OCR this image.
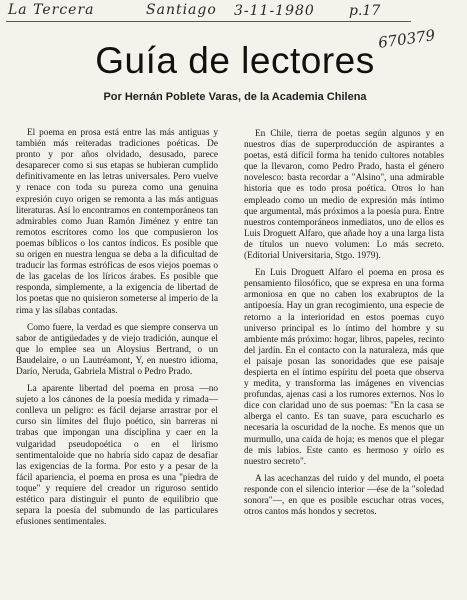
La Tercera	Santiago 3-11-1980 p.17
670379
Guía de lectores
Por Hernán Poblete Varas, de la Academia Chilena

El poema en prosa está entre las más antiguas y también más reiteradas tradiciones poéticas. De pronto y por años olvidado, desusado, parece desaparecer como si sus etapas se hubieran cumplido definitivamente en las letras universales. Pero vuelve y renace con toda su pureza como una genuina expresión cuyo origen se remonta a las más antiguas literaturas. Así lo encontramos en contemporáneos tan admirables como Juan Ramón Jiménez y entre tan remotos escritores como los que compusieron los poemas bíblicos o los cantos índicos. Es posible que su origen en nuestra lengua se deba a la dificultad de traducir las formas estróficas de esos viejos poemas o de las gacelas de los líricos árabes. Es posible que responda, simplemente, a la exigencia de libertad de los poetas que no quisieron someterse al imperio de la rima y las sílabas contadas.

Como fuere, la verdad es que siempre conserva un sabor de antigüedades y de viejo tradición, aunque el que lo emplee sea un Aloysius Bertrand, o un Baudelaire, o un Lautréamont, Y, en nuestro idioma, Darío, Neruda, Gabriela Mistral o Pedro Prado.

La aparente libertad del poema en prosa —no sujeto a los cánones de la poesía medida y rimada— conlleva un peligro: es fácil dejarse arrastrar por el curso sin límites del flujo poético, sin barreras ni trabas que impongan una disciplina y caer en la vulgaridad pseudopoética o en el lirismo sentimentaloide que no habría sido capaz de desafiar las exigencias de la forma. Por esto y a pesar de la fácil apariencia, el poema en prosa es una "piedra de toque" y requiere del creador un riguroso sentido estético para distinguir el punto de equilibrio que separa la poesía del submundo de las particulares efusiones sentimentales.

En Chile, tierra de poetas según algunos y en nuestros días de superproducción de aspirantes a poetas, está difícil forma ha tenido cultores notables que la llevaron, como Pedro Prado, hasta el género novelesco: basta recordar a "Alsino", una admirable historia que es todo prosa poética. Otros lo han empleado como un medio de expresión más íntimo que argumental, más próximos a la poesía pura. Entre nuestros contemporáneos inmediatos, uno de ellos es Luis Droguett Alfaro, que añade hoy a una larga lista de títulos un nuevo volumen: Lo más secreto. (Editorial Universitaria, Stgo. 1979).

En Luis Droguett Alfaro el poema en prosa es pensamiento filosófico, que se expresa en una forma armoniosa en que no caben los exabruptos de la antipoesía. Hay un gran recogimiento, una especie de retorno a la interioridad en estos poemas cuyo universo principal es lo íntimo del hombre y su ambiente más próximo: hogar, libros, papeles, recinto del jardín. En el contacto con la naturaleza, más que el paisaje posan las sonoridades que ese paisaje despierta en el íntimo espíritu del poeta que observa y medita, y transforma las imágenes en vivencias profundas, ajenas casi a los rumores externos. Nos lo dice con claridad uno de sus poemas: "En la casa se alberga el canto. Es tan suave, para escucharlo es necesaria la oscuridad de la noche. Es menos que un murmullo, una caída de hoja; es menos que el plegar de mis labios. Este canto es hermoso y oírlo es nuestro secreto".

A las acechanzas del ruido y del mundo, el poeta responde con el silencio interior —ése de la "soledad sonora"—, en que es posible escuchar otras voces, otros cantos más hondos y secretos.
